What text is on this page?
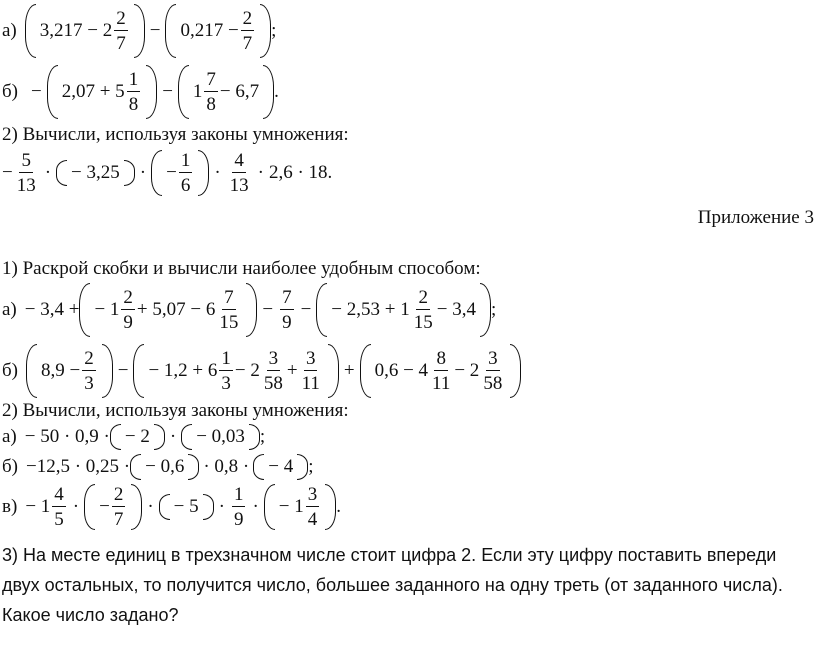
а) $3,217 - 2 \frac{2}{7} - 0,217 - \frac{2}{7}$ ;
$б) - 2,07 + 5 \frac{1}{8} - 1 \frac{7}{8} - 6,7$ .
2) Вычисли, используя законы умножения:
− $\frac{5}{13}$ · − 3,25 · − $\frac{1}{6} \cdot \frac{4}{13} \cdot 2,6 \cdot 18$.
Приложение 3
1) Раскрой скобки и вычисли наиболее удобным способом:
а) − 3,4 + − $1 \frac{2}{9} + 5,07 - 6 \frac{7}{15} - \frac{7}{9}$ − − $2,53 + 1 \frac{2}{15} - 3,4$ ;
б) $8,9 - \frac{2}{3}$ − − $1,2 + 6 \frac{1}{3} - 2 \frac{3}{58} + \frac{3}{11} + 0,6 - 4 \frac{8}{11} - 2 \frac{3}{58}$
2) Вычисли, используя законы умножения:
а) − 50 · 0,9 · − 2 · − 0,03 ;
б) −12,5 · 0,25 · − 0,6 · 0,8 · − 4 ;
$в) - 1 \frac{4}{5}$ · − $\frac{2}{7}$ · − $5 \cdot \frac{1}{9}$ · − $1 \frac{3}{4}$ .
3) На месте единиц в трехзначном числе стоит цифра 2. Если эту цифру поставить впереди двух остальных, то получится число, большее заданного на одну треть (от заданного числа). Какое число задано?
